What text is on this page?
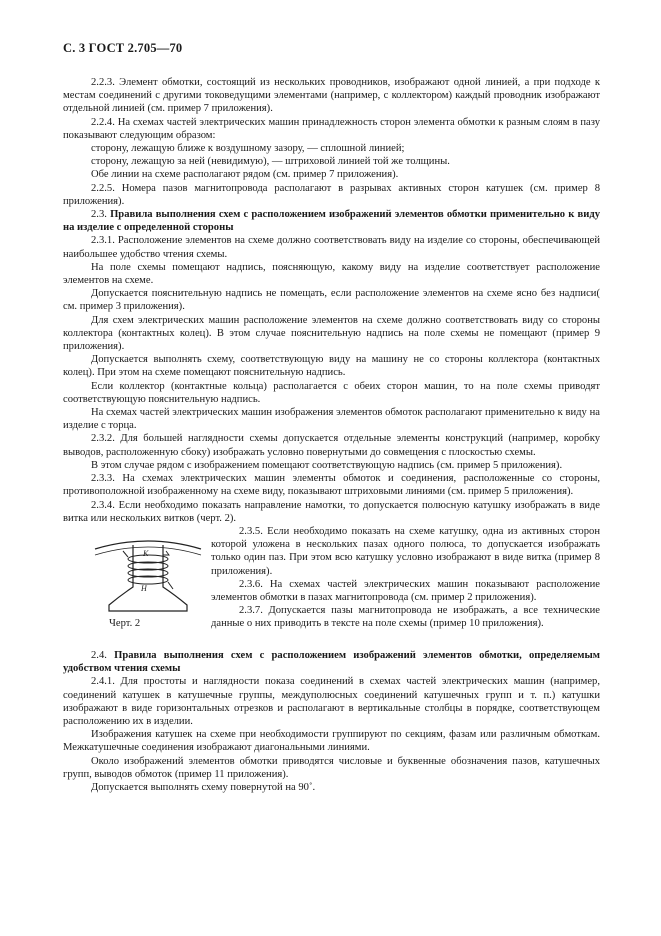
С. 3 ГОСТ 2.705—70

2.2.3. Элемент обмотки, состоящий из нескольких проводников, изображают одной линией, а при подходе к местам соединений с другими токоведущими элементами (например, с коллектором) каждый проводник изображают отдельной линией (см. пример 7 приложения).

2.2.4. На схемах частей электрических машин принадлежность сторон элемента обмотки к разным слоям в пазу показывают следующим образом:

сторону, лежащую ближе к воздушному зазору, — сплошной линией;

сторону, лежащую за ней (невидимую), — штриховой линией той же толщины.

Обе линии на схеме располагают рядом (см. пример 7 приложения).

2.2.5. Номера пазов магнитопровода располагают в разрывах активных сторон катушек (см. пример 8 приложения).

2.3. Правила выполнения схем с расположением изображений элементов обмотки применительно к виду на изделие с определенной стороны

2.3.1. Расположение элементов на схеме должно соответствовать виду на изделие со стороны, обеспечивающей наибольшее удобство чтения схемы.

На поле схемы помещают надпись, поясняющую, какому виду на изделие соответствует расположение элементов на схеме.

Допускается пояснительную надпись не помещать, если расположение элементов на схеме ясно без надписи( см. пример 3 приложения).

Для схем электрических машин расположение элементов на схеме должно соответствовать виду со стороны коллектора (контактных колец). В этом случае пояснительную надпись на поле схемы не помещают (пример 9 приложения).

Допускается выполнять схему, соответствующую виду на машину не со стороны коллектора (контактных колец). При этом на схеме помещают пояснительную надпись.

Если коллектор (контактные кольца) располагается с обеих сторон машин, то на поле схемы приводят соответствующую пояснительную надпись.

На схемах частей электрических машин изображения элементов обмоток располагают применительно к виду на изделие с торца.

2.3.2. Для большей наглядности схемы допускается отдельные элементы конструкций (например, коробку выводов, расположенную сбоку) изображать условно повернутыми до совмещения с плоскостью схемы.

В этом случае рядом с изображением помещают соответствующую надпись (см. пример 5 приложения).

2.3.3. На схемах электрических машин элементы обмоток и соединения, расположенные со стороны, противоположной изображенному на схеме виду, показывают штриховыми линиями (см. пример 5 приложения).

2.3.4. Если необходимо показать направление намотки, то допускается полюсную катушку изображать в виде витка или нескольких витков (черт. 2).

К
Н
Черт. 2

2.3.5. Если необходимо показать на схеме катушку, одна из активных сторон которой уложена в нескольких пазах одного полюса, то допускается изображать только один паз. При этом всю катушку условно изображают в виде витка (пример 8 приложения).

2.3.6. На схемах частей электрических машин показывают расположение элементов обмотки в пазах магнитопровода (см. пример 2 приложения).

2.3.7. Допускается пазы магнитопровода не изображать, а все технические данные о них приводить в тексте на поле схемы (пример 10 приложения).

2.4. Правила выполнения схем с расположением изображений элементов обмотки, определяемым удобством чтения схемы

2.4.1. Для простоты и наглядности показа соединений в схемах частей электрических машин (например, соединений катушек в катушечные группы, междуполюсных соединений катушечных групп и т. п.) катушки изображают в виде горизонтальных отрезков и располагают в вертикальные столбцы в порядке, соответствующем расположению их в изделии.

Изображения катушек на схеме при необходимости группируют по секциям, фазам или различным обмоткам. Межкатушечные соединения изображают диагональными линиями.

Около изображений элементов обмотки приводятся числовые и буквенные обозначения пазов, катушечных групп, выводов обмоток (пример 11 приложения).

Допускается выполнять схему повернутой на 90˚.
